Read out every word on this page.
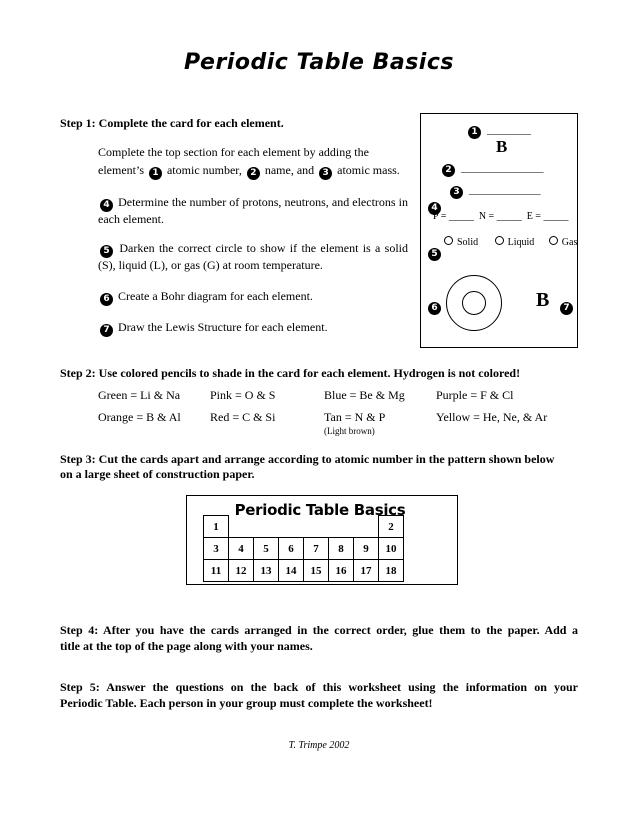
Periodic Table Basics
Step 1: Complete the card for each element.
Complete the top section for each element by adding the
element’s 1 atomic number, 2 name, and 3 atomic mass.
4 Determine the number of protons, neutrons, and electrons in each element.
5 Darken the correct circle to show if the element is a solid (S), liquid (L), or gas (G) at room temperature.
6 Create a Bohr diagram for each element.
7 Draw the Lewis Structure for each element.
1 ________
B
2 _______________
3 _____________
4
P = _____  N = _____  E = _____
5
Solid	Liquid	Gas
6	B	7
Step 2: Use colored pencils to shade in the card for each element. Hydrogen is not colored!
Green = Li & Na Pink = O & S	Blue = Be & Mg	Purple = F & Cl
Orange = B & Al Red = C & Si	Tan = N & P	Yellow = He, Ne, & Ar
(Light brown)
Step 3: Cut the cards apart and arrange according to atomic number in the pattern shown below
on a large sheet of construction paper.
Periodic Table Basics
1							2
3	4	5	6	7	8	9	10
11	12	13	14	15	16	17	18
Step 4: After you have the cards arranged in the correct order, glue them to the paper. Add a
title at the top of the page along with your names.
Step 5: Answer the questions on the back of this worksheet using the information on your
Periodic Table. Each person in your group must complete the worksheet!
T. Trimpe 2002
